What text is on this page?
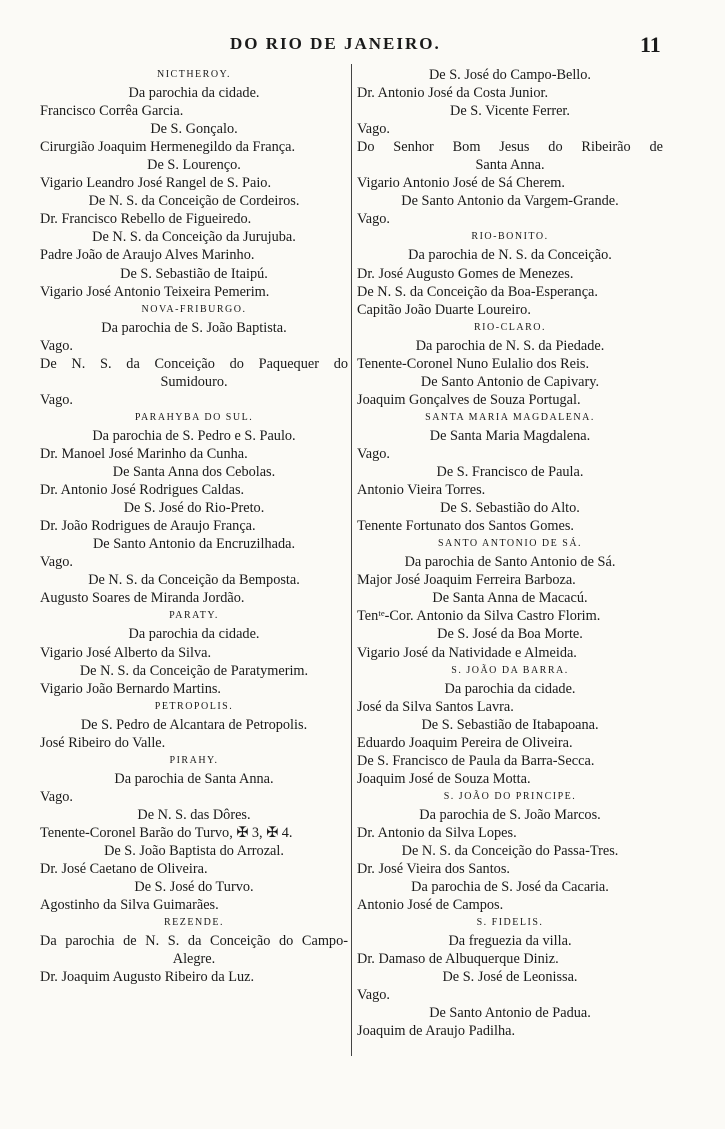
DO RIO DE JANEIRO.	11
NICTHEROY.
Da parochia da cidade.
Francisco Corrêa Garcia.
De S. Gonçalo.
Cirurgião Joaquim Hermenegildo da França.
De S. Lourenço.
Vigario Leandro José Rangel de S. Paio.
De N. S. da Conceição de Cordeiros.
Dr. Francisco Rebello de Figueiredo.
De N. S. da Conceição da Jurujuba.
Padre João de Araujo Alves Marinho.
De S. Sebastião de Itaipú.
Vigario José Antonio Teixeira Pemerim.
NOVA-FRIBURGO.
Da parochia de S. João Baptista.
Vago.
De N. S. da Conceição do Paquequer do
Sumidouro.
Vago.
PARAHYBA DO SUL.
Da parochia de S. Pedro e S. Paulo.
Dr. Manoel José Marinho da Cunha.
De Santa Anna dos Cebolas.
Dr. Antonio José Rodrigues Caldas.
De S. José do Rio-Preto.
Dr. João Rodrigues de Araujo França.
De Santo Antonio da Encruzilhada.
Vago.
De N. S. da Conceição da Bemposta.
Augusto Soares de Miranda Jordão.
PARATY.
Da parochia da cidade.
Vigario José Alberto da Silva.
De N. S. da Conceição de Paratymerim.
Vigario João Bernardo Martins.
PETROPOLIS.
De S. Pedro de Alcantara de Petropolis.
José Ribeiro do Valle.
PIRAHY.
Da parochia de Santa Anna.
Vago.
De N. S. das Dôres.
Tenente-Coronel Barão do Turvo, ✠ 3, ✠ 4.
De S. João Baptista do Arrozal.
Dr. José Caetano de Oliveira.
De S. José do Turvo.
Agostinho da Silva Guimarães.
REZENDE.
Da parochia de N. S. da Conceição do Campo-
Alegre.
Dr. Joaquim Augusto Ribeiro da Luz.
De S. José do Campo-Bello.
Dr. Antonio José da Costa Junior.
De S. Vicente Ferrer.
Vago.
Do Senhor Bom Jesus do Ribeirão de
Santa Anna.
Vigario Antonio José de Sá Cherem.
De Santo Antonio da Vargem-Grande.
Vago.
RIO-BONITO.
Da parochia de N. S. da Conceição.
Dr. José Augusto Gomes de Menezes.
De N. S. da Conceição da Boa-Esperança.
Capitão João Duarte Loureiro.
RIO-CLARO.
Da parochia de N. S. da Piedade.
Tenente-Coronel Nuno Eulalio dos Reis.
De Santo Antonio de Capivary.
Joaquim Gonçalves de Souza Portugal.
SANTA MARIA MAGDALENA.
De Santa Maria Magdalena.
Vago.
De S. Francisco de Paula.
Antonio Vieira Torres.
De S. Sebastião do Alto.
Tenente Fortunato dos Santos Gomes.
SANTO ANTONIO DE SÁ.
Da parochia de Santo Antonio de Sá.
Major José Joaquim Ferreira Barboza.
De Santa Anna de Macacú.
Tenᵗᵉ-Cor. Antonio da Silva Castro Florim.
De S. José da Boa Morte.
Vigario José da Natividade e Almeida.
S. JOÃO DA BARRA.
Da parochia da cidade.
José da Silva Santos Lavra.
De S. Sebastião de Itabapoana.
Eduardo Joaquim Pereira de Oliveira.
De S. Francisco de Paula da Barra-Secca.
Joaquim José de Souza Motta.
S. JOÃO DO PRINCIPE.
Da parochia de S. João Marcos.
Dr. Antonio da Silva Lopes.
De N. S. da Conceição do Passa-Tres.
Dr. José Vieira dos Santos.
Da parochia de S. José da Cacaria.
Antonio José de Campos.
S. FIDELIS.
Da freguezia da villa.
Dr. Damaso de Albuquerque Diniz.
De S. José de Leonissa.
Vago.
De Santo Antonio de Padua.
Joaquim de Araujo Padilha.
